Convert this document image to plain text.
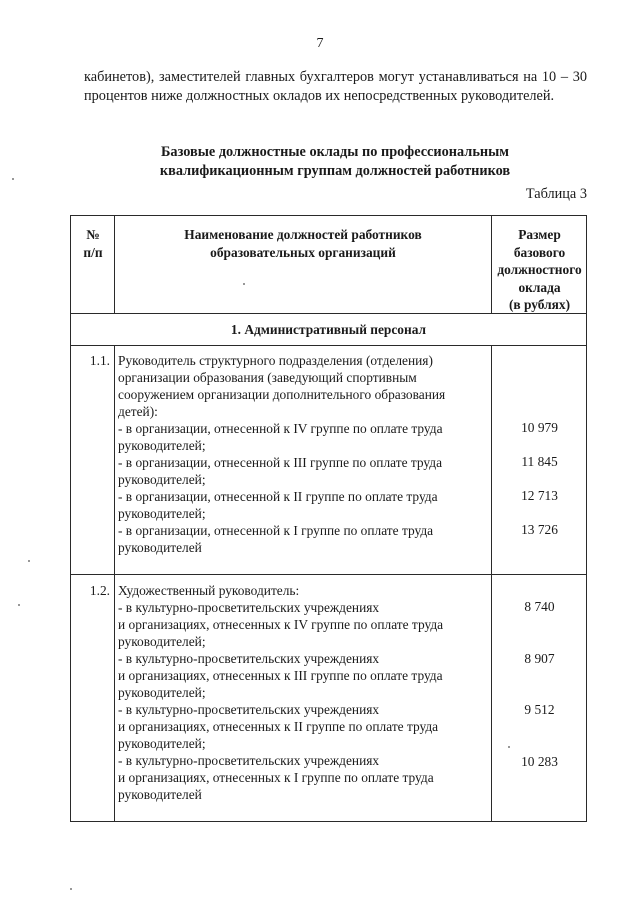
7
кабинетов), заместителей главных бухгалтеров могут устанавливаться на 10 – 30 процентов ниже должностных окладов их непосредственных руководителей.
Базовые должностные оклады по профессиональным
квалификационным группам должностей работников
Таблица 3
№
п/п
Наименование должностей работников
образовательных организаций
Размер
базового
должностного
оклада
(в рублях)
1. Административный персонал
1.1. Руководитель структурного подразделения (отделения)
организации образования (заведующий спортивным
сооружением организации дополнительного образования
детей):
- в организации, отнесенной к IV группе по оплате труда
руководителей;
- в организации, отнесенной к III группе по оплате труда
руководителей;
- в организации, отнесенной к II группе по оплате труда
руководителей;
- в организации, отнесенной к I группе по оплате труда
руководителей
10 979
11 845
12 713
13 726
1.2. Художественный руководитель:
- в культурно-просветительских учреждениях
и организациях, отнесенных к IV группе по оплате труда
руководителей;
- в культурно-просветительских учреждениях
и организациях, отнесенных к III группе по оплате труда
руководителей;
- в культурно-просветительских учреждениях
и организациях, отнесенных к II группе по оплате труда
руководителей;
- в культурно-просветительских учреждениях
и организациях, отнесенных к I группе по оплате труда
руководителей
8 740
8 907
9 512
10 283
